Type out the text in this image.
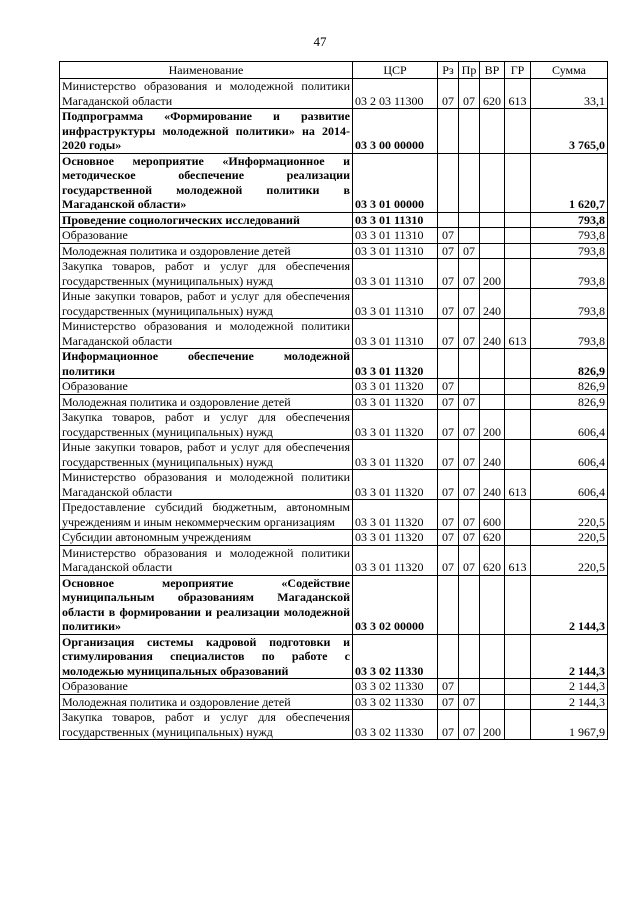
47
Наименование	ЦСР	Рз	Пр	ВР	ГР	Сумма
Министерство образования и молодежной политики Магаданской области	03 2 03 11300	07	07	620	613	33,1
Подпрограмма «Формирование и развитие инфраструктуры молодежной политики» на 2014-2020 годы»	03 3 00 00000					3 765,0
Основное мероприятие «Информационное и методическое обеспечение реализации государственной молодежной политики в Магаданской области»	03 3 01 00000					1 620,7
Проведение социологических исследований	03 3 01 11310					793,8
Образование	03 3 01 11310	07				793,8
Молодежная политика и оздоровление детей	03 3 01 11310	07	07			793,8
Закупка товаров, работ и услуг для обеспечения государственных (муниципальных) нужд	03 3 01 11310	07	07	200		793,8
Иные закупки товаров, работ и услуг для обеспечения государственных (муниципальных) нужд	03 3 01 11310	07	07	240		793,8
Министерство образования и молодежной политики Магаданской области	03 3 01 11310	07	07	240	613	793,8
Информационное обеспечение молодежной политики	03 3 01 11320					826,9
Образование	03 3 01 11320	07				826,9
Молодежная политика и оздоровление детей	03 3 01 11320	07	07			826,9
Закупка товаров, работ и услуг для обеспечения государственных (муниципальных) нужд	03 3 01 11320	07	07	200		606,4
Иные закупки товаров, работ и услуг для обеспечения государственных (муниципальных) нужд	03 3 01 11320	07	07	240		606,4
Министерство образования и молодежной политики Магаданской области	03 3 01 11320	07	07	240	613	606,4
Предоставление субсидий бюджетным, автономным учреждениям и иным некоммерческим организациям	03 3 01 11320	07	07	600		220,5
Субсидии автономным учреждениям	03 3 01 11320	07	07	620		220,5
Министерство образования и молодежной политики Магаданской области	03 3 01 11320	07	07	620	613	220,5
Основное мероприятие «Содействие муниципальным образованиям Магаданской области в формировании и реализации молодежной политики»	03 3 02 00000					2 144,3
Организация системы кадровой подготовки и стимулирования специалистов по работе с молодежью муниципальных образований	03 3 02 11330					2 144,3
Образование	03 3 02 11330	07				2 144,3
Молодежная политика и оздоровление детей	03 3 02 11330	07	07			2 144,3
Закупка товаров, работ и услуг для обеспечения государственных (муниципальных) нужд	03 3 02 11330	07	07	200		1 967,9
